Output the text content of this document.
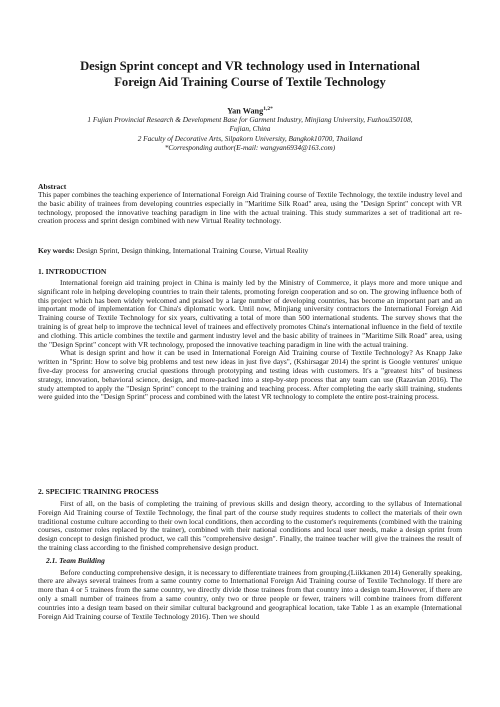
Design Sprint concept and VR technology used in International Foreign Aid Training Course of Textile Technology
Yan Wang$^{1,2*}$
1 Fujian Provincial Research & Development Base for Garment Industry, Minjiang University, Fuzhou350108,
Fujian, China
2 Faculty of Decorative Arts, Silpakorn University, Bangkok10700, Thailand
*Corresponding author(E-mail: wangyan6934@163.com)
Abstract
This paper combines the teaching experience of International Foreign Aid Training course of Textile Technology, the textile industry level and the basic ability of trainees from developing countries especially in "Maritime Silk Road" area, using the "Design Sprint" concept with VR technology, proposed the innovative teaching paradigm in line with the actual training. This study summarizes a set of traditional art re-creation process and sprint design combined with new Virtual Reality technology.
Key words: Design Sprint, Design thinking, International Training Course, Virtual Reality
1. INTRODUCTION
International foreign aid training project in China is mainly led by the Ministry of Commerce, it plays more and more unique and significant role in helping developing countries to train their talents, promoting foreign cooperation and so on. The growing influence both of this project which has been widely welcomed and praised by a large number of developing countries, has become an important part and an important mode of implementation for China's diplomatic work. Until now, Minjiang university contractors the International Foreign Aid Training course of Textile Technology for six years, cultivating a total of more than 500 international students. The survey shows that the training is of great help to improve the technical level of trainees and effectively promotes China's international influence in the field of textile and clothing. This article combines the textile and garment industry level and the basic ability of trainees in "Maritime Silk Road" area, using the "Design Sprint" concept with VR technology, proposed the innovative teaching paradigm in line with the actual training.
What is design sprint and how it can be used in International Foreign Aid Training course of Textile Technology? As Knapp Jake written in "Sprint: How to solve big problems and test new ideas in just five days", (Kshirsagar 2014) the sprint is Google ventures' unique five-day process for answering crucial questions through prototyping and testing ideas with customers. It's a "greatest hits" of business strategy, innovation, behavioral science, design, and more-packed into a step-by-step process that any team can use (Razavian 2016). The study attempted to apply the "Design Sprint" concept to the training and teaching process. After completing the early skill training, students were guided into the "Design Sprint" process and combined with the latest VR technology to complete the entire post-training process.
2. SPECIFIC TRAINING PROCESS
First of all, on the basis of completing the training of previous skills and design theory, according to the syllabus of International Foreign Aid Training course of Textile Technology, the final part of the course study requires students to collect the materials of their own traditional costume culture according to their own local conditions, then according to the customer's requirements (combined with the training courses, customer roles replaced by the trainer), combined with their national conditions and local user needs, make a design sprint from design concept to design finished product, we call this "comprehensive design". Finally, the trainee teacher will give the trainees the result of the training class according to the finished comprehensive design product.
2.1. Team Building
Before conducting comprehensive design, it is necessary to differentiate trainees from grouping.(Liikkanen 2014) Generally speaking, there are always several trainees from a same country come to International Foreign Aid Training course of Textile Technology. If there are more than 4 or 5 trainees from the same country, we directly divide those trainees from that country into a design team.However, if there are only a small number of trainees from a same country, only two or three people or fewer, trainers will combine trainees from different countries into a design team based on their similar cultural background and geographical location, take Table 1 as an example (International Foreign Aid Training course of Textile Technology 2016). Then we should
